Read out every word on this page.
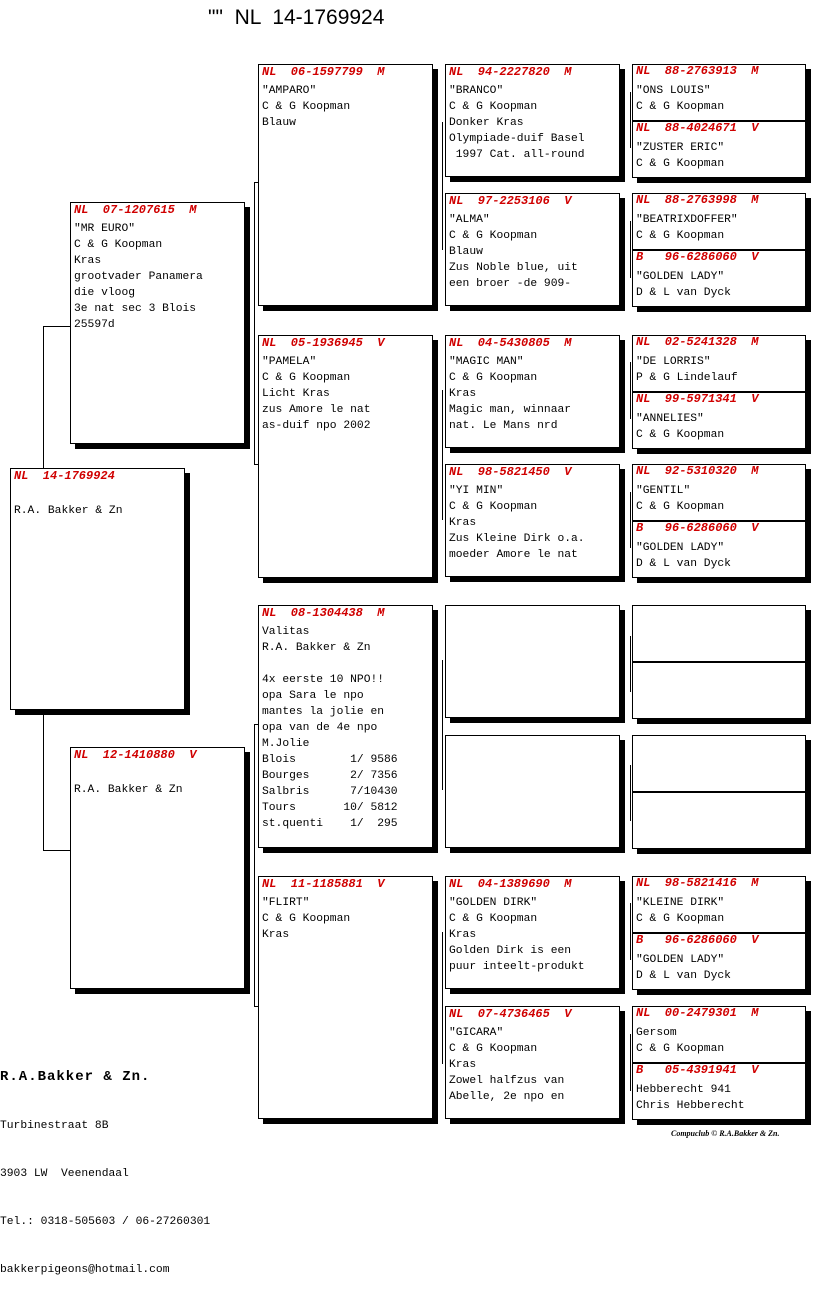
""  NL  14-1769924
NL  14-1769924

R.A. Bakker & Zn
NL  07-1207615  M
"MR EURO"
C & G Koopman
Kras
grootvader Panamera
die vloog
3e nat sec 3 Blois
25597d
NL  12-1410880  V

R.A. Bakker & Zn
NL  06-1597799  M
"AMPARO"
C & G Koopman
Blauw
NL  05-1936945  V
"PAMELA"
C & G Koopman
Licht Kras
zus Amore le nat
as-duif npo 2002
NL  08-1304438  M
Valitas
R.A. Bakker & Zn

4x eerste 10 NPO!!
opa Sara le npo
mantes la jolie en
opa van de 4e npo
M.Jolie
Blois        1/ 9586
Bourges      2/ 7356
Salbris      7/10430
Tours       10/ 5812
st.quenti    1/  295
NL  11-1185881  V
"FLIRT"
C & G Koopman
Kras
NL  94-2227820  M
"BRANCO"
C & G Koopman
Donker Kras
Olympiade-duif Basel
1997 Cat. all-round
NL  97-2253106  V
"ALMA"
C & G Koopman
Blauw
Zus Noble blue, uit
een broer -de 909-
NL  04-5430805  M
"MAGIC MAN"
C & G Koopman
Kras
Magic man, winnaar
nat. Le Mans nrd
NL  98-5821450  V
"YI MIN"
C & G Koopman
Kras
Zus Kleine Dirk o.a.
moeder Amore le nat
NL  04-1389690  M
"GOLDEN DIRK"
C & G Koopman
Kras
Golden Dirk is een
puur inteelt-produkt
NL  07-4736465  V
"GICARA"
C & G Koopman
Kras
Zowel halfzus van
Abelle, 2e npo en
NL  88-2763913  M
"ONS LOUIS"
C & G Koopman
NL  88-4024671  V
"ZUSTER ERIC"
C & G Koopman
NL  88-2763998  M
"BEATRIXDOFFER"
C & G Koopman
B   96-6286060  V
"GOLDEN LADY"
D & L van Dyck
NL  02-5241328  M
"DE LORRIS"
P & G Lindelauf
NL  99-5971341  V
"ANNELIES"
C & G Koopman
NL  92-5310320  M
"GENTIL"
C & G Koopman
B   96-6286060  V
"GOLDEN LADY"
D & L van Dyck
NL  98-5821416  M
"KLEINE DIRK"
C & G Koopman
B   96-6286060  V
"GOLDEN LADY"
D & L van Dyck
NL  00-2479301  M
Gersom
C & G Koopman
B   05-4391941  V
Hebberecht 941
Chris Hebberecht

R.A.Bakker & Zn.

Turbinestraat 8B

3903 LW  Veenendaal

Tel.: 0318-505603 / 06-27260301

bakkerpigeons@hotmail.com

Compuclub © R.A.Bakker & Zn.
